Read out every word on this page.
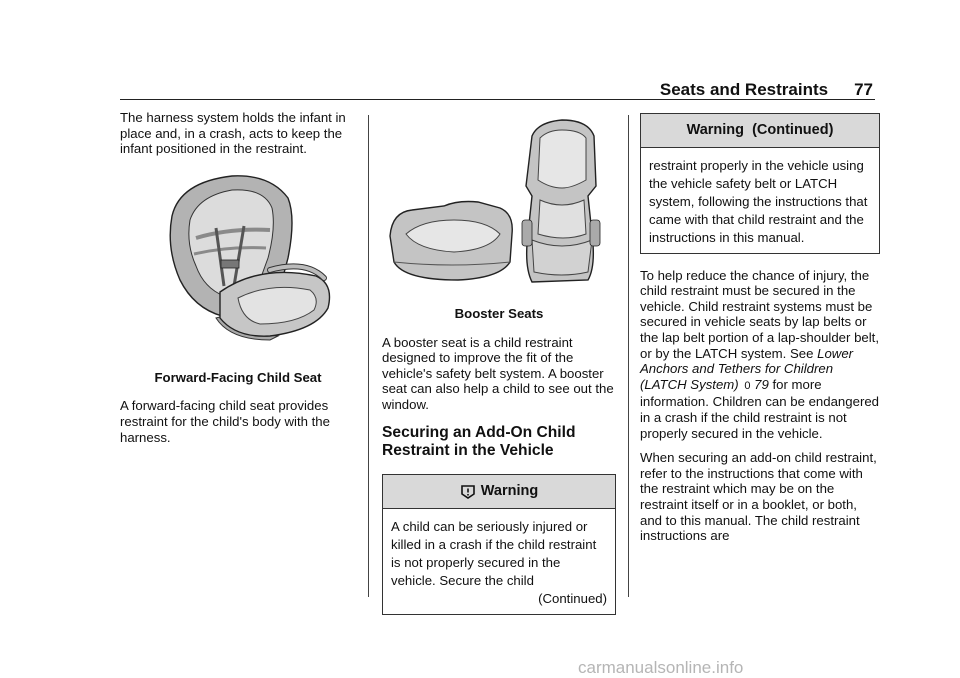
Seats and Restraints 77

The harness system holds the infant in place and, in a crash, acts to keep the infant positioned in the restraint.

Forward-Facing Child Seat

A forward-facing child seat provides restraint for the child's body with the harness.

Booster Seats

A booster seat is a child restraint designed to improve the fit of the vehicle's safety belt system. A booster seat can also help a child to see out the window.

Securing an Add-On Child Restraint in the Vehicle

Warning

A child can be seriously injured or killed in a crash if the child restraint is not properly secured in the vehicle. Secure the child

(Continued)

Warning  (Continued)

restraint properly in the vehicle using the vehicle safety belt or LATCH system, following the instructions that came with that child restraint and the instructions in this manual.

To help reduce the chance of injury, the child restraint must be secured in the vehicle. Child restraint systems must be secured in vehicle seats by lap belts or the lap belt portion of a lap-shoulder belt, or by the LATCH system. See Lower Anchors and Tethers for Children (LATCH System) 0 79 for more information. Children can be endangered in a crash if the child restraint is not properly secured in the vehicle.

When securing an add-on child restraint, refer to the instructions that come with the restraint which may be on the restraint itself or in a booklet, or both, and to this manual. The child restraint instructions are

carmanualsonline.info
